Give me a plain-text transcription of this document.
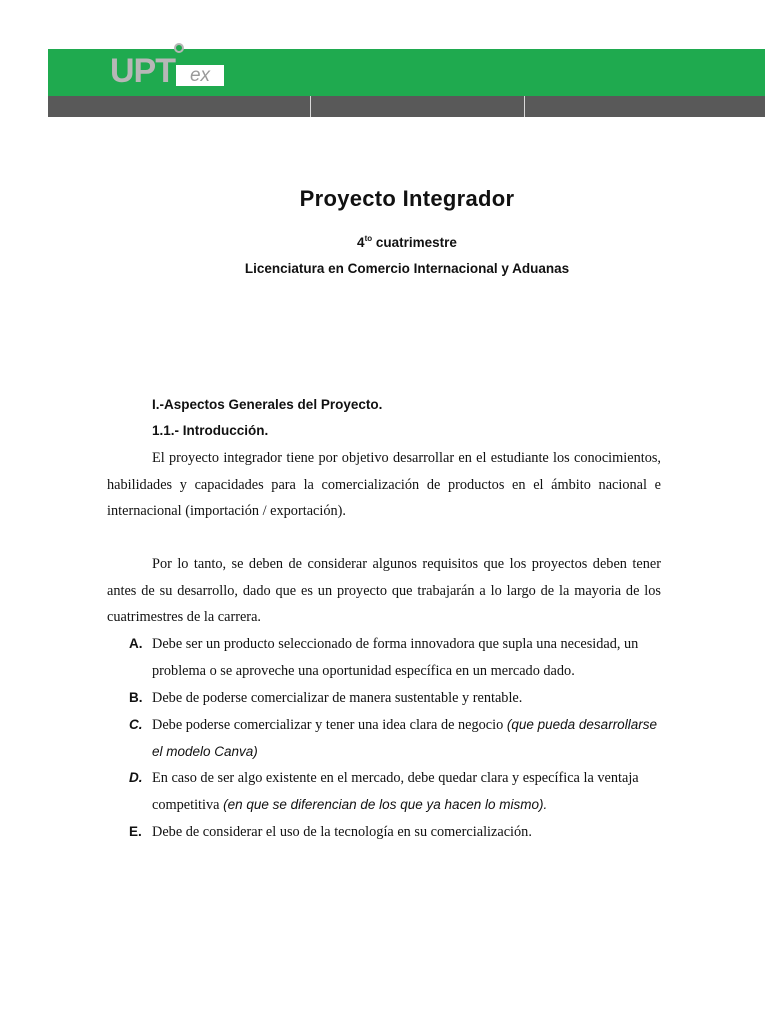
UPT ex
Proyecto Integrador
$4^{to}$ cuatrimestre
Licenciatura en Comercio Internacional y Aduanas
I.-Aspectos Generales del Proyecto.
1.1.- Introducción.
El proyecto integrador tiene por objetivo desarrollar en el estudiante los conocimientos, habilidades y capacidades para la comercialización de productos en el ámbito nacional e internacional (importación / exportación).
Por lo tanto, se deben de considerar algunos requisitos que los proyectos deben tener antes de su desarrollo, dado que es un proyecto que trabajarán a lo largo de la mayoria de los cuatrimestres de la carrera.
A. Debe ser un producto seleccionado de forma innovadora que supla una necesidad, un problema o se aproveche una oportunidad específica en un mercado dado.
B. Debe de poderse comercializar de manera sustentable y rentable.
C. Debe poderse comercializar y tener una idea clara de negocio (que pueda desarrollarse el modelo Canva)
D. En caso de ser algo existente en el mercado, debe quedar clara y específica la ventaja competitiva (en que se diferencian de los que ya hacen lo mismo).
E. Debe de considerar el uso de la tecnología en su comercialización.
